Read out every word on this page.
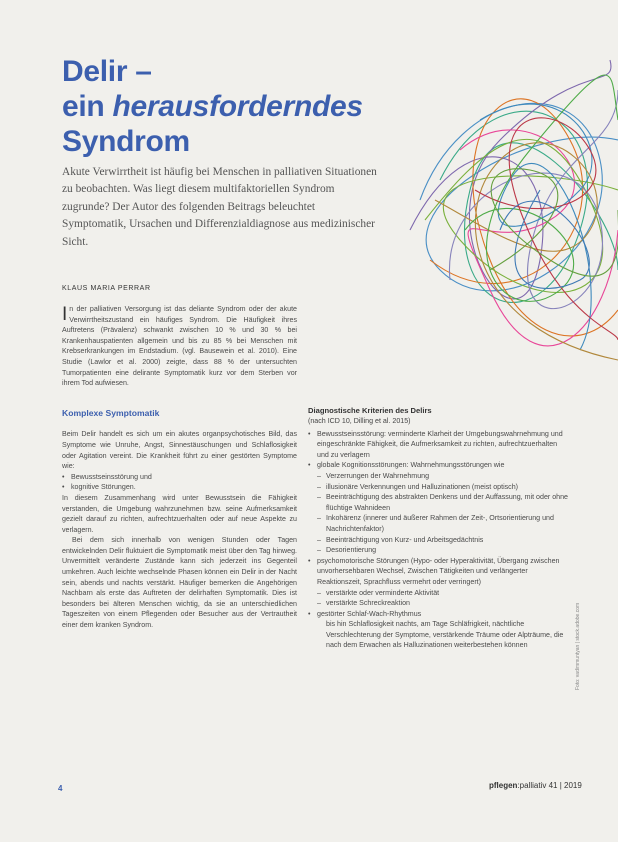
Delir –
ein herausforderndes
Syndrom
Akute Verwirrtheit ist häufig bei Menschen in palliativen Situationen zu beobachten. Was liegt diesem multifaktoriellen Syndrom zugrunde? Der Autor des folgenden Beitrags beleuchtet Symptomatik, Ursachen und Differenzialdiagnose aus medizinischer Sicht.
KLAUS MARIA PERRAR

In der palliativen Versorgung ist das deliante Syndrom oder der akute Verwirrtheitszustand ein häufiges Syndrom. Die Häufigkeit ihres Auftretens (Prävalenz) schwankt zwischen 10 % und 30 % bei Krankenhauspatienten allgemein und bis zu 85 % bei Menschen mit Krebserkrankungen im Endstadium. (vgl. Bausewein et al. 2010). Eine Studie (Lawlor et al. 2000) zeigte, dass 88 % der untersuchten Tumorpatienten eine delirante Symptomatik kurz vor dem Sterben vor ihrem Tod aufwiesen.

Komplexe Symptomatik

Beim Delir handelt es sich um ein akutes organpsychotisches Bild, das Symptome wie Unruhe, Angst, Sinnestäuschungen und Schlaflosigkeit oder Agitation vereint. Die Krankheit führt zu einer gestörten Symptome wie:

• Bewusstseinsstörung und
• kognitive Störungen.

In diesem Zusammenhang wird unter Bewusstsein die Fähigkeit verstanden, die Umgebung wahrzunehmen bzw. seine Aufmerksamkeit gezielt darauf zu richten, aufrechtzuerhalten oder auf neue Aspekte zu verlagern.

Bei dem sich innerhalb von wenigen Stunden oder Tagen entwickelnden Delir fluktuiert die Symptomatik meist über den Tag hinweg. Unvermittelt veränderte Zustände kann sich jederzeit ins Gegenteil umkehren. Auch leichte wechselnde Phasen können ein Delir in der Nacht sein, abends und nachts verstärkt. Häufiger bemerken die Angehörigen Nachbarn als erste das Auftreten der delirhaften Symptomatik. Dies ist besonders bei älteren Menschen wichtig, da sie an unterschiedlichen Tageszeiten von einem Pflegenden oder Besucher aus der Vertrautheit einer dem kranken Syndrom.

Diagnostische Kriterien des Delirs
(nach ICD 10, Dilling et al. 2015)
• Bewusstseinsstörung: verminderte Klarheit der Umgebungswahrnehmung und eingeschränkte Fähigkeit, die Aufmerksamkeit zu richten, aufrechtzuerhalten und zu verlagern
• globale Kognitionsstörungen: Wahrnehmungsstörungen wie
– Verzerrungen der Wahrnehmung
– illusionäre Verkennungen und Halluzinationen (meist optisch)
– Beeinträchtigung des abstrakten Denkens und der Auffassung, mit oder ohne flüchtige Wahnideen
– Inkohärenz (innerer und äußerer Rahmen der Zeit-, Ortsorientierung und Nachrichtenfaktor)
– Beeinträchtigung von Kurz- und Arbeitsgedächtnis
– Desorientierung
• psychomotorische Störungen (Hypo- oder Hyperaktivität, Übergang zwischen unvorhersehbaren Wechsel, Zwischen Tätigkeiten und verlängerter Reaktionszeit, Sprachfluss vermehrt oder verringert)
– verstärkte oder verminderte Aktivität
– verstärkte Schreckreaktion
• gestörter Schlaf-Wach-Rhythmus
bis hin Schlaflosigkeit nachts, am Tage Schläfrigkeit, nächtliche Verschlechterung der Symptome, verstärkende Träume oder Alpträume, die nach dem Erwachen als Halluzinationen weiterbestehen können	Foto: vadimmuntyan | stock.adobe.com
4	pflegen:palliativ 41 | 2019
